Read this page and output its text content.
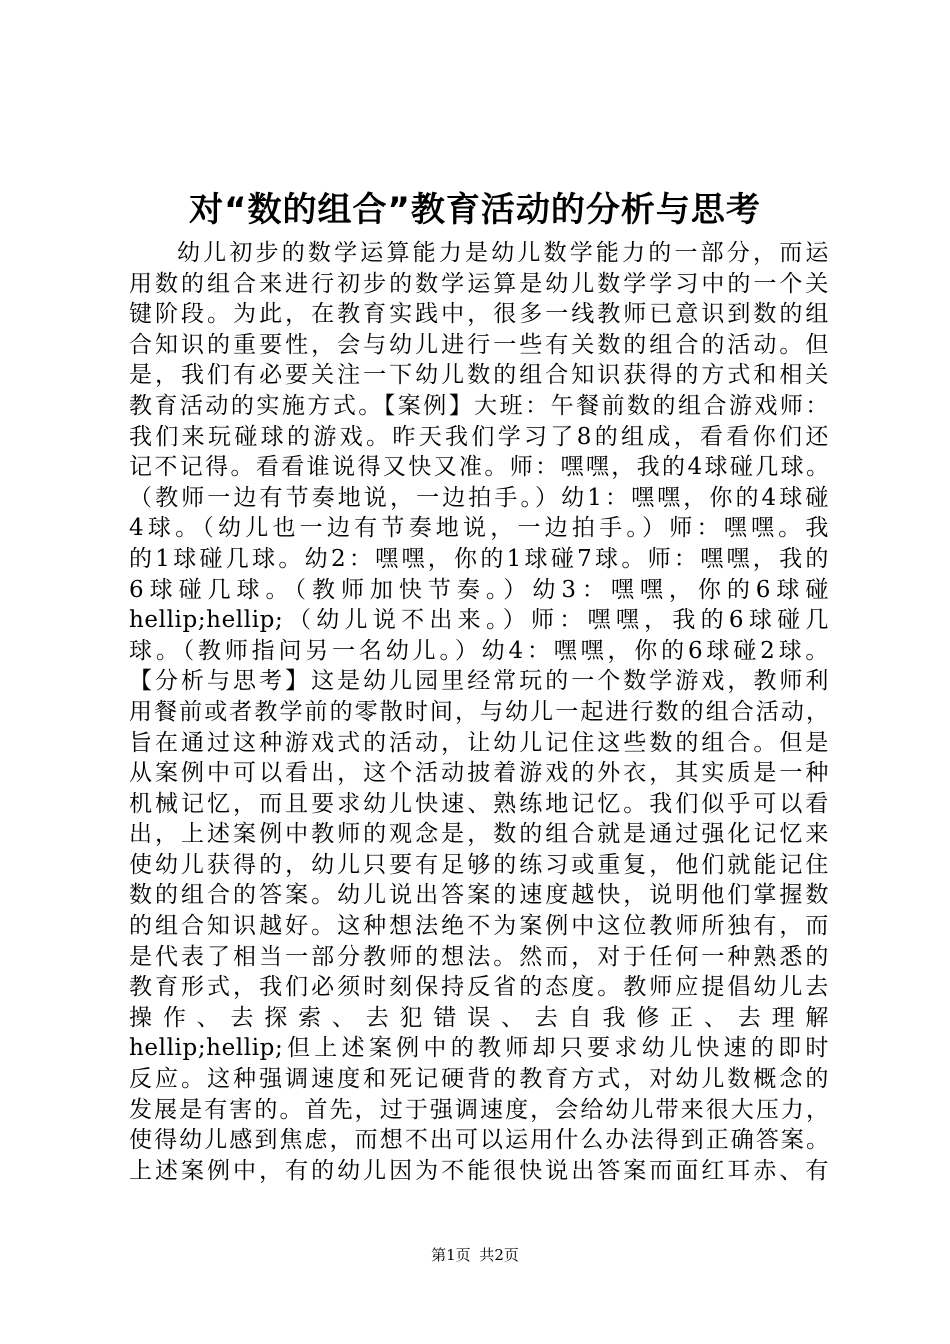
对“数的组合”教育活动的分析与思考
幼儿初步的数学运算能力是幼儿数学能力的一部分，而运
用数的组合来进行初步的数学运算是幼儿数学学习中的一个关
键阶段。为此，在教育实践中，很多一线教师已意识到数的组
合知识的重要性，会与幼儿进行一些有关数的组合的活动。但
是，我们有必要关注一下幼儿数的组合知识获得的方式和相关
教育活动的实施方式。【案例】大班：午餐前数的组合游戏师：
我们来玩碰球的游戏。昨天我们学习了8的组成，看看你们还
记不记得。看看谁说得又快又准。师：嘿嘿，我的4球碰几球。
（教师一边有节奏地说，一边拍手。）幼1：嘿嘿，你的4球碰
4球。（幼儿也一边有节奏地说，一边拍手。）师：嘿嘿。我
的1球碰几球。幼2：嘿嘿，你的1球碰7球。师：嘿嘿，我的
6球碰几球。（教师加快节奏。）幼3：嘿嘿，你的6球碰
hellip;hellip;（幼儿说不出来。）师：嘿嘿，我的6球碰几
球。（教师指问另一名幼儿。）幼4：嘿嘿，你的6球碰2球。
【分析与思考】这是幼儿园里经常玩的一个数学游戏，教师利
用餐前或者教学前的零散时间，与幼儿一起进行数的组合活动，
旨在通过这种游戏式的活动，让幼儿记住这些数的组合。但是
从案例中可以看出，这个活动披着游戏的外衣，其实质是一种
机械记忆，而且要求幼儿快速、熟练地记忆。我们似乎可以看
出，上述案例中教师的观念是，数的组合就是通过强化记忆来
使幼儿获得的，幼儿只要有足够的练习或重复，他们就能记住
数的组合的答案。幼儿说出答案的速度越快，说明他们掌握数
的组合知识越好。这种想法绝不为案例中这位教师所独有，而
是代表了相当一部分教师的想法。然而，对于任何一种熟悉的
教育形式，我们必须时刻保持反省的态度。教师应提倡幼儿去
操作、去探索、去犯错误、去自我修正、去理解
hellip;hellip;但上述案例中的教师却只要求幼儿快速的即时
反应。这种强调速度和死记硬背的教育方式，对幼儿数概念的
发展是有害的。首先，过于强调速度，会给幼儿带来很大压力，
使得幼儿感到焦虑，而想不出可以运用什么办法得到正确答案。
上述案例中，有的幼儿因为不能很快说出答案而面红耳赤、有
第1页 共2页
